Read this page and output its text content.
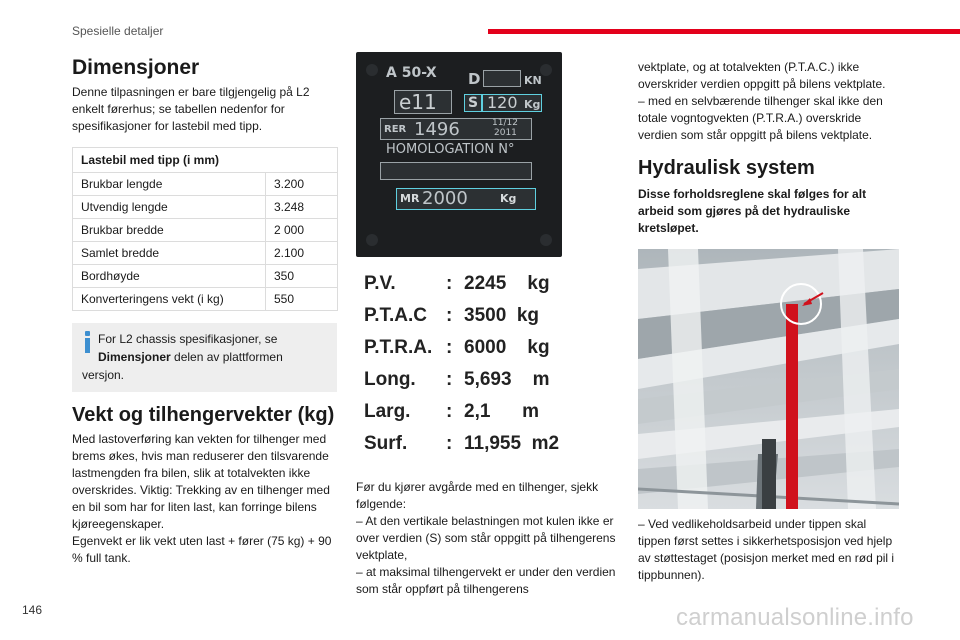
Spesielle detaljer
Dimensjoner

Denne tilpasningen er bare tilgjengelig på L2 enkelt førerhus; se tabellen nedenfor for spesifikasjoner for lastebil med tipp.

Lastebil med tipp (i mm)	
Brukbar lengde	3.200
Utvendig lengde	3.248
Brukbar bredde	2 000
Samlet bredde	2.100
Bordhøyde	350
Konverteringens vekt (i kg)	550
For L2 chassis spesifikasjoner, se
Dimensjoner delen av plattformen
versjon.
Vekt og tilhengervekter (kg)

Med lastoverføring kan vekten for tilhenger med brems økes, hvis man reduserer den tilsvarende lastmengden fra bilen, slik at totalvekten ikke overskrides. Viktig: Trekking av en tilhenger med en bil som har for liten last, kan forringe bilens kjøreegenskaper.

Egenvekt er lik vekt uten last + fører (75 kg) + 90 % full tank.

A 50-X D	KN
e11	S 120 Kg
RER 1496	11/12
2011
HOMOLOGATION N°
MR 2000	Kg
P.V.	: 2245    kg
P.T.A.C : 3500  kg
P.T.R.A. : 6000    kg
Long. : 5,693    m
Larg. : 2,1      m
Surf. : 11,955  m2

Før du kjører avgårde med en tilhenger, sjekk følgende:
– At den vertikale belastningen mot kulen ikke er over verdien (S) som står oppgitt på tilhengerens vektplate,
– at maksimal tilhengervekt er under den verdien som står oppført på tilhengerens

vektplate, og at totalvekten (P.T.A.C.) ikke overskrider verdien oppgitt på bilens vektplate.

– med en selvbærende tilhenger skal ikke den totale vogntogvekten (P.T.R.A.) overskride verdien som står oppgitt på bilens vektplate.

Hydraulisk system

Disse forholdsreglene skal følges for alt arbeid som gjøres på det hydrauliske kretsløpet.

– Ved vedlikeholdsarbeid under tippen skal tippen først settes i sikkerhetsposisjon ved hjelp av støttestaget (posisjon merket med en rød pil i tippbunnen).

146	carmanualsonline.info
